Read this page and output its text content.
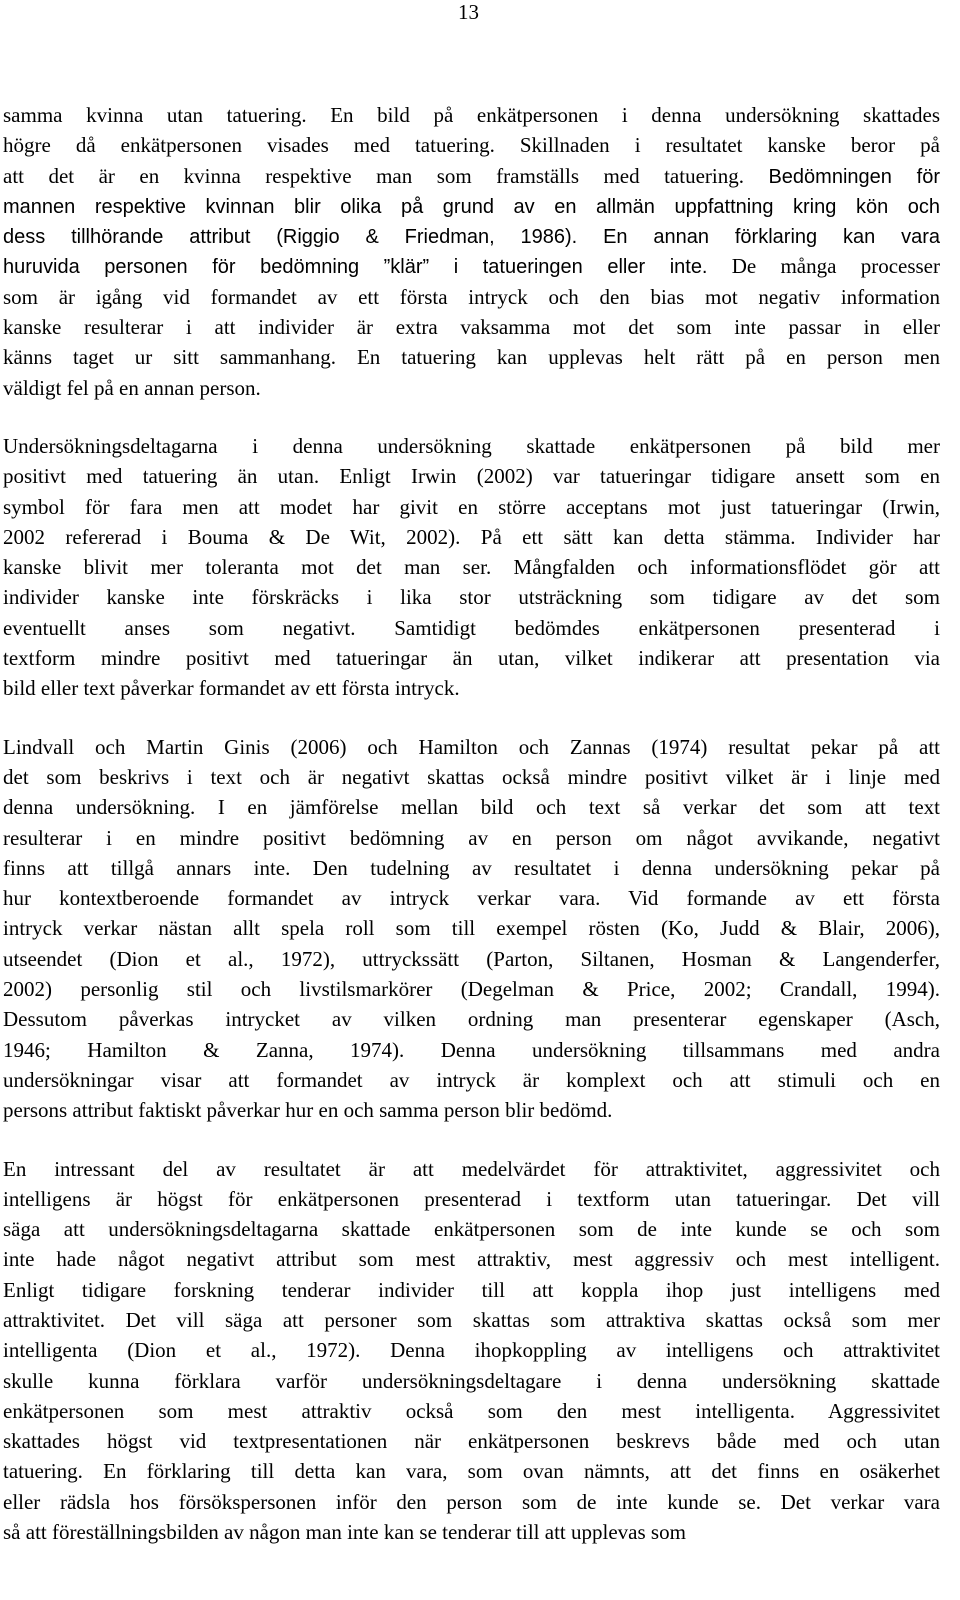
13
samma kvinna utan tatuering. En bild på enkätpersonen i denna undersökning skattades
högre då enkätpersonen visades med tatuering. Skillnaden i resultatet kanske beror på
att det är en kvinna respektive man som framställs med tatuering. Bedömningen för
mannen respektive kvinnan blir olika på grund av en allmän uppfattning kring kön och
dess tillhörande attribut (Riggio & Friedman, 1986). En annan förklaring kan vara
huruvida personen för bedömning ”klär” i tatueringen eller inte. De många processer
som är igång vid formandet av ett första intryck och den bias mot negativ information
kanske resulterar i att individer är extra vaksamma mot det som inte passar in eller
känns taget ur sitt sammanhang. En tatuering kan upplevas helt rätt på en person men
väldigt fel på en annan person.
Undersökningsdeltagarna i denna undersökning skattade enkätpersonen på bild mer
positivt med tatuering än utan. Enligt Irwin (2002) var tatueringar tidigare ansett som en
symbol för fara men att modet har givit en större acceptans mot just tatueringar (Irwin,
2002 refererad i Bouma & De Wit, 2002). På ett sätt kan detta stämma. Individer har
kanske blivit mer toleranta mot det man ser. Mångfalden och informationsflödet gör att
individer kanske inte förskräcks i lika stor utsträckning som tidigare av det som
eventuellt anses som negativt. Samtidigt bedömdes enkätpersonen presenterad i
textform mindre positivt med tatueringar än utan, vilket indikerar att presentation via
bild eller text påverkar formandet av ett första intryck.
Lindvall och Martin Ginis (2006) och Hamilton och Zannas (1974) resultat pekar på att
det som beskrivs i text och är negativt skattas också mindre positivt vilket är i linje med
denna undersökning. I en jämförelse mellan bild och text så verkar det som att text
resulterar i en mindre positivt bedömning av en person om något avvikande, negativt
finns att tillgå annars inte. Den tudelning av resultatet i denna undersökning pekar på
hur kontextberoende formandet av intryck verkar vara. Vid formande av ett första
intryck verkar nästan allt spela roll som till exempel rösten (Ko, Judd & Blair, 2006),
utseendet (Dion et al., 1972), uttryckssätt (Parton, Siltanen, Hosman & Langenderfer,
2002) personlig stil och livstilsmarkörer (Degelman & Price, 2002; Crandall, 1994).
Dessutom påverkas intrycket av vilken ordning man presenterar egenskaper (Asch,
1946; Hamilton & Zanna, 1974). Denna undersökning tillsammans med andra
undersökningar visar att formandet av intryck är komplext och att stimuli och en
persons attribut faktiskt påverkar hur en och samma person blir bedömd.
En intressant del av resultatet är att medelvärdet för attraktivitet, aggressivitet och
intelligens är högst för enkätpersonen presenterad i textform utan tatueringar. Det vill
säga att undersökningsdeltagarna skattade enkätpersonen som de inte kunde se och som
inte hade något negativt attribut som mest attraktiv, mest aggressiv och mest intelligent.
Enligt tidigare forskning tenderar individer till att koppla ihop just intelligens med
attraktivitet. Det vill säga att personer som skattas som attraktiva skattas också som mer
intelligenta (Dion et al., 1972). Denna ihopkoppling av intelligens och attraktivitet
skulle kunna förklara varför undersökningsdeltagare i denna undersökning skattade
enkätpersonen som mest attraktiv också som den mest intelligenta. Aggressivitet
skattades högst vid textpresentationen när enkätpersonen beskrevs både med och utan
tatuering. En förklaring till detta kan vara, som ovan nämnts, att det finns en osäkerhet
eller rädsla hos försökspersonen inför den person som de inte kunde se. Det verkar vara
så att föreställningsbilden av någon man inte kan se tenderar till att upplevas som
